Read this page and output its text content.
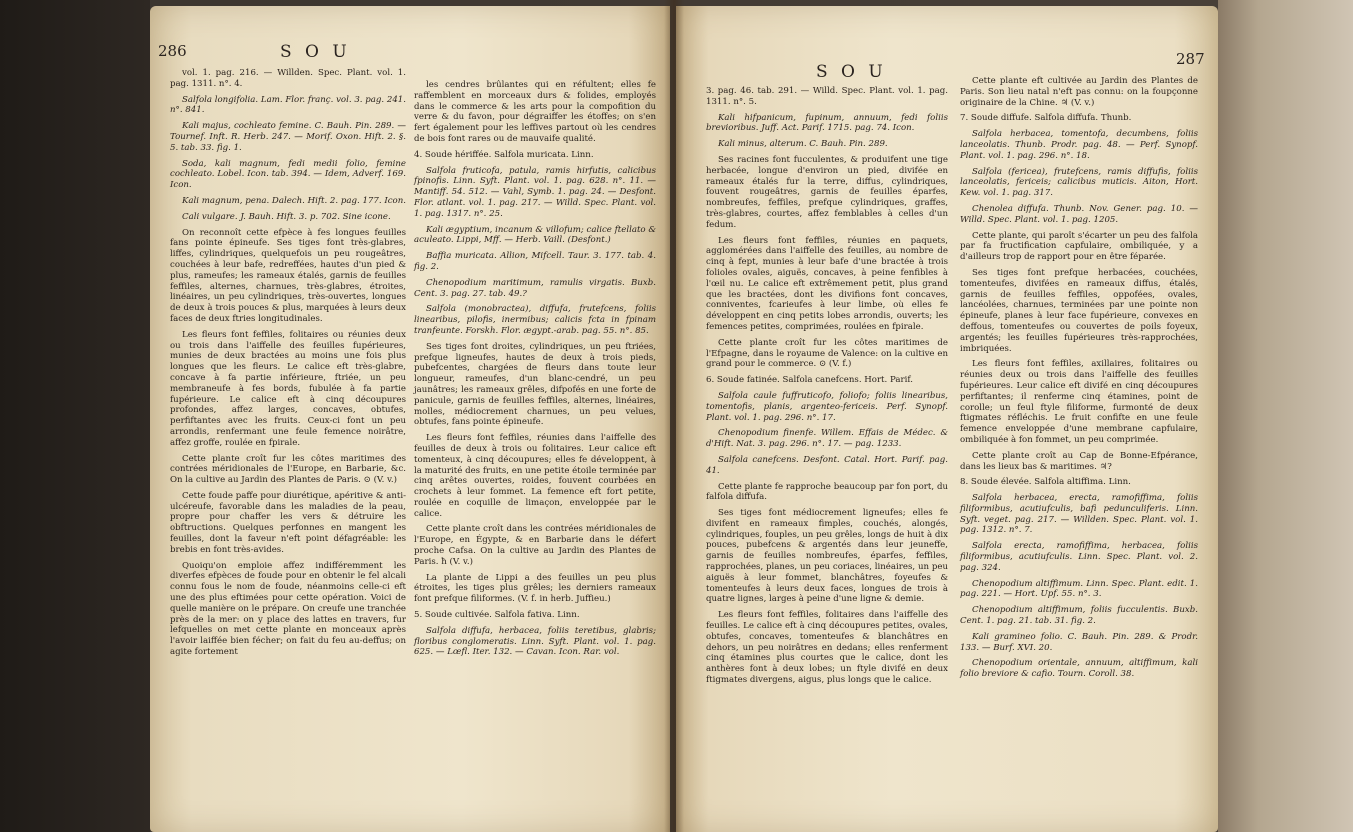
286	S O U

vol. 1. pag. 216. — Willden. Spec. Plant. vol. 1. pag. 1311. n°. 4.

Salfola longifolia. Lam. Flor. franç. vol. 3. pag. 241. n°. 841.

Kali majus, cochleato femine. C. Bauh. Pin. 289. — Tournef. Inft. R. Herb. 247. — Morif. Oxon. Hift. 2. §. 5. tab. 33. fig. 1.

Soda, kali magnum, fedi medii folio, femine cochleato. Lobel. Icon. tab. 394. — Idem, Adverf. 169. Icon.

Kali magnum, pena. Dalech. Hift. 2. pag. 177. Icon.

Cali vulgare. J. Bauh. Hift. 3. p. 702. Sine icone.

On reconnoît cette efpèce à fes longues feuilles fans pointe épineufe. Ses tiges font très-glabres, liffes, cylindriques, quelquefois un peu rougeâtres, couchées à leur bafe, redreffées, hautes d'un pied & plus, rameufes; les rameaux étalés, garnis de feuilles feffiles, alternes, charnues, très-glabres, étroites, linéaires, un peu cylindriques, très-ouvertes, longues de deux à trois pouces & plus, marquées à leurs deux faces de deux ftries longitudinales.

Les fleurs font feffiles, folitaires ou réunies deux ou trois dans l'aiffelle des feuilles fupérieures, munies de deux bractées au moins une fois plus longues que les fleurs. Le calice eft très-glabre, concave à fa partie inférieure, ftriée, un peu membraneufe à fes bords, fubulée à fa partie fupérieure. Le calice eft à cinq découpures profondes, affez larges, concaves, obtufes, perfiftantes avec les fruits. Ceux-ci font un peu arrondis, renfermant une feule femence noirâtre, affez groffe, roulée en fpirale.

Cette plante croît fur les côtes maritimes des contrées méridionales de l'Europe, en Barbarie, &c. On la cultive au Jardin des Plantes de Paris. ⊙ (V. v.)

Cette foude paffe pour diurétique, apéritive & anti-ulcéreufe, favorable dans les maladies de la peau, propre pour chaffer les vers & détruire les obftructions. Quelques perfonnes en mangent les feuilles, dont la faveur n'eft point défagréable: les brebis en font très-avides.

Quoiqu'on emploie affez indifféremment les diverfes efpèces de foude pour en obtenir le fel alcali connu fous le nom de foude, néanmoins celle-ci eft une des plus eftimées pour cette opération. Voici de quelle manière on le prépare. On creufe une tranchée près de la mer: on y place des lattes en travers, fur lefquelles on met cette plante en monceaux après l'avoir laiffée bien fécher; on fait du feu au-deffus; on agite fortement

les cendres brûlantes qui en réfultent; elles fe raffemblent en morceaux durs & folides, employés dans le commerce & les arts pour la compofition du verre & du favon, pour dégraiffer les étoffes; on s'en fert également pour les leffives partout où les cendres de bois font rares ou de mauvaife qualité.

4. Soude hériffée. Salfola muricata. Linn.

Salfola fruticofa, patula, ramis hirfutis, calicibus fpinofis. Linn. Syft. Plant. vol. 1. pag. 628. n°. 11. — Mantiff. 54. 512. — Vahl, Symb. 1. pag. 24. — Desfont. Flor. atlant. vol. 1. pag. 217. — Willd. Spec. Plant. vol. 1. pag. 1317. n°. 25.

Kali ægyptium, incanum & villofum; calice ftellato & aculeato. Lippi, Mff. — Herb. Vaill. (Desfont.)

Baffia muricata. Allion, Mifcell. Taur. 3. 177. tab. 4. fig. 2.

Chenopodium maritimum, ramulis virgatis. Buxb. Cent. 3. pag. 27. tab. 49.?

Salfola (monobractea), diffufa, frutefcens, foliis linearibus, pilofis, inermibus; calicis fcta in fpinam tranfeunte. Forskh. Flor. ægypt.-arab. pag. 55. n°. 85.

Ses tiges font droites, cylindriques, un peu ftriées, prefque ligneufes, hautes de deux à trois pieds, pubefcentes, chargées de fleurs dans toute leur longueur, rameufes, d'un blanc-cendré, un peu jaunâtres; les rameaux grêles, difpofés en une forte de panicule, garnis de feuilles feffiles, alternes, linéaires, molles, médiocrement charnues, un peu velues, obtufes, fans pointe épineufe.

Les fleurs font feffiles, réunies dans l'aiffelle des feuilles de deux à trois ou folitaires. Leur calice eft tomenteux, à cinq découpures; elles fe développent, à la maturité des fruits, en une petite étoile terminée par cinq arêtes ouvertes, roides, fouvent courbées en crochets à leur fommet. La femence eft fort petite, roulée en coquille de limaçon, enveloppée par le calice.

Cette plante croît dans les contrées méridionales de l'Europe, en Égypte, & en Barbarie dans le défert proche Cafsa. On la cultive au Jardin des Plantes de Paris. ħ (V. v.)

La plante de Lippi a des feuilles un peu plus étroites, les tiges plus grêles; les derniers rameaux font prefque filiformes. (V. f. in herb. Juffieu.)

5. Soude cultivée. Salfola fativa. Linn.

Salfola diffufa, herbacea, foliis teretibus, glabris; floribus conglomeratis. Linn. Syft. Plant. vol. 1. pag. 625. — Lœfl. Iter. 132. — Cavan. Icon. Rar. vol.

S O U
287

3. pag. 46. tab. 291. — Willd. Spec. Plant. vol. 1. pag. 1311. n°. 5.

Kali hifpanicum, fupinum, annuum, fedi foliis brevioribus. Juff. Act. Parif. 1715. pag. 74. Icon.

Kali minus, alterum. C. Bauh. Pin. 289.

Ses racines font fucculentes, & produifent une tige herbacée, longue d'environ un pied, divifée en rameaux étalés fur la terre, diffus, cylindriques, fouvent rougeâtres, garnis de feuilles éparfes, nombreufes, feffiles, prefque cylindriques, graffes, très-glabres, courtes, affez femblables à celles d'un fedum.

Les fleurs font feffiles, réunies en paquets, agglomérées dans l'aiffelle des feuilles, au nombre de cinq à fept, munies à leur bafe d'une bractée à trois folioles ovales, aiguës, concaves, à peine fenfibles à l'œil nu. Le calice eft extrêmement petit, plus grand que les bractées, dont les divifions font concaves, conniventes, fcarieufes à leur limbe, où elles fe développent en cinq petits lobes arrondis, ouverts; les femences petites, comprimées, roulées en fpirale.

Cette plante croît fur les côtes maritimes de l'Efpagne, dans le royaume de Valence: on la cultive en grand pour le commerce. ⊙ (V. f.)

6. Soude fatinée. Salfola canefcens. Hort. Parif.

Salfola caule fuffruticofo, foliofo; foliis linearibus, tomentofis, planis, argenteo-fericeis. Perf. Synopf. Plant. vol. 1. pag. 296. n°. 17.

Chenopodium finenfe. Willem. Effais de Médec. & d'Hift. Nat. 3. pag. 296. n°. 17. — pag. 1233.

Salfola canefcens. Desfont. Catal. Hort. Parif. pag. 41.

Cette plante fe rapproche beaucoup par fon port, du falfola diffufa.

Ses tiges font médiocrement ligneufes; elles fe divifent en rameaux fimples, couchés, alongés, cylindriques, fouples, un peu grêles, longs de huit à dix pouces, pubefcens & argentés dans leur jeuneffe, garnis de feuilles nombreufes, éparfes, feffiles, rapprochées, planes, un peu coriaces, linéaires, un peu aiguës à leur fommet, blanchâtres, foyeufes & tomenteufes à leurs deux faces, longues de trois à quatre lignes, larges à peine d'une ligne & demie.

Les fleurs font feffiles, folitaires dans l'aiffelle des feuilles. Le calice eft à cinq découpures petites, ovales, obtufes, concaves, tomenteufes & blanchâtres en dehors, un peu noirâtres en dedans; elles renferment cinq étamines plus courtes que le calice, dont les anthères font à deux lobes; un ftyle divifé en deux ftigmates divergens, aigus, plus longs que le calice.

Cette plante eft cultivée au Jardin des Plantes de Paris. Son lieu natal n'eft pas connu: on la foupçonne originaire de la Chine. ♃ (V. v.)

7. Soude diffufe. Salfola diffufa. Thunb.

Salfola herbacea, tomentofa, decumbens, foliis lanceolatis. Thunb. Prodr. pag. 48. — Perf. Synopf. Plant. vol. 1. pag. 296. n°. 18.

Salfola (fericea), frutefcens, ramis diffufis, foliis lanceolatis, fericeis; calicibus muticis. Aiton, Hort. Kew. vol. 1. pag. 317.

Chenolea diffufa. Thunb. Nov. Gener. pag. 10. — Willd. Spec. Plant. vol. 1. pag. 1205.

Cette plante, qui paroît s'écarter un peu des falfola par fa fructification capfulaire, ombiliquée, y a d'ailleurs trop de rapport pour en être féparée.

Ses tiges font prefque herbacées, couchées, tomenteufes, divifées en rameaux diffus, étalés, garnis de feuilles feffiles, oppofées, ovales, lancéolées, charnues, terminées par une pointe non épineufe, planes à leur face fupérieure, convexes en deffous, tomenteufes ou couvertes de poils foyeux, argentés; les feuilles fupérieures très-rapprochées, imbriquées.

Les fleurs font feffiles, axillaires, folitaires ou réunies deux ou trois dans l'aiffelle des feuilles fupérieures. Leur calice eft divifé en cinq découpures perfiftantes; il renferme cinq étamines, point de corolle; un feul ftyle filiforme, furmonté de deux ftigmates réfléchis. Le fruit confifte en une feule femence enveloppée d'une membrane capfulaire, ombiliquée à fon fommet, un peu comprimée.

Cette plante croît au Cap de Bonne-Efpérance, dans les lieux bas & maritimes. ♃?

8. Soude élevée. Salfola altiffima. Linn.

Salfola herbacea, erecta, ramofiffima, foliis filiformibus, acutiufculis, bafi pedunculiferis. Linn. Syft. veget. pag. 217. — Willden. Spec. Plant. vol. 1. pag. 1312. n°. 7.

Salfola erecta, ramofiffima, herbacea, foliis filiformibus, acutiufculis. Linn. Spec. Plant. vol. 2. pag. 324.

Chenopodium altiffimum. Linn. Spec. Plant. edit. 1. pag. 221. — Hort. Upf. 55. n°. 3.

Chenopodium altiffimum, foliis fucculentis. Buxb. Cent. 1. pag. 21. tab. 31. fig. 2.

Kali gramineo folio. C. Bauh. Pin. 289. & Prodr. 133. — Burf. XVI. 20.

Chenopodium orientale, annuum, altiffimum, kali folio breviore & cafio. Tourn. Coroll. 38.
